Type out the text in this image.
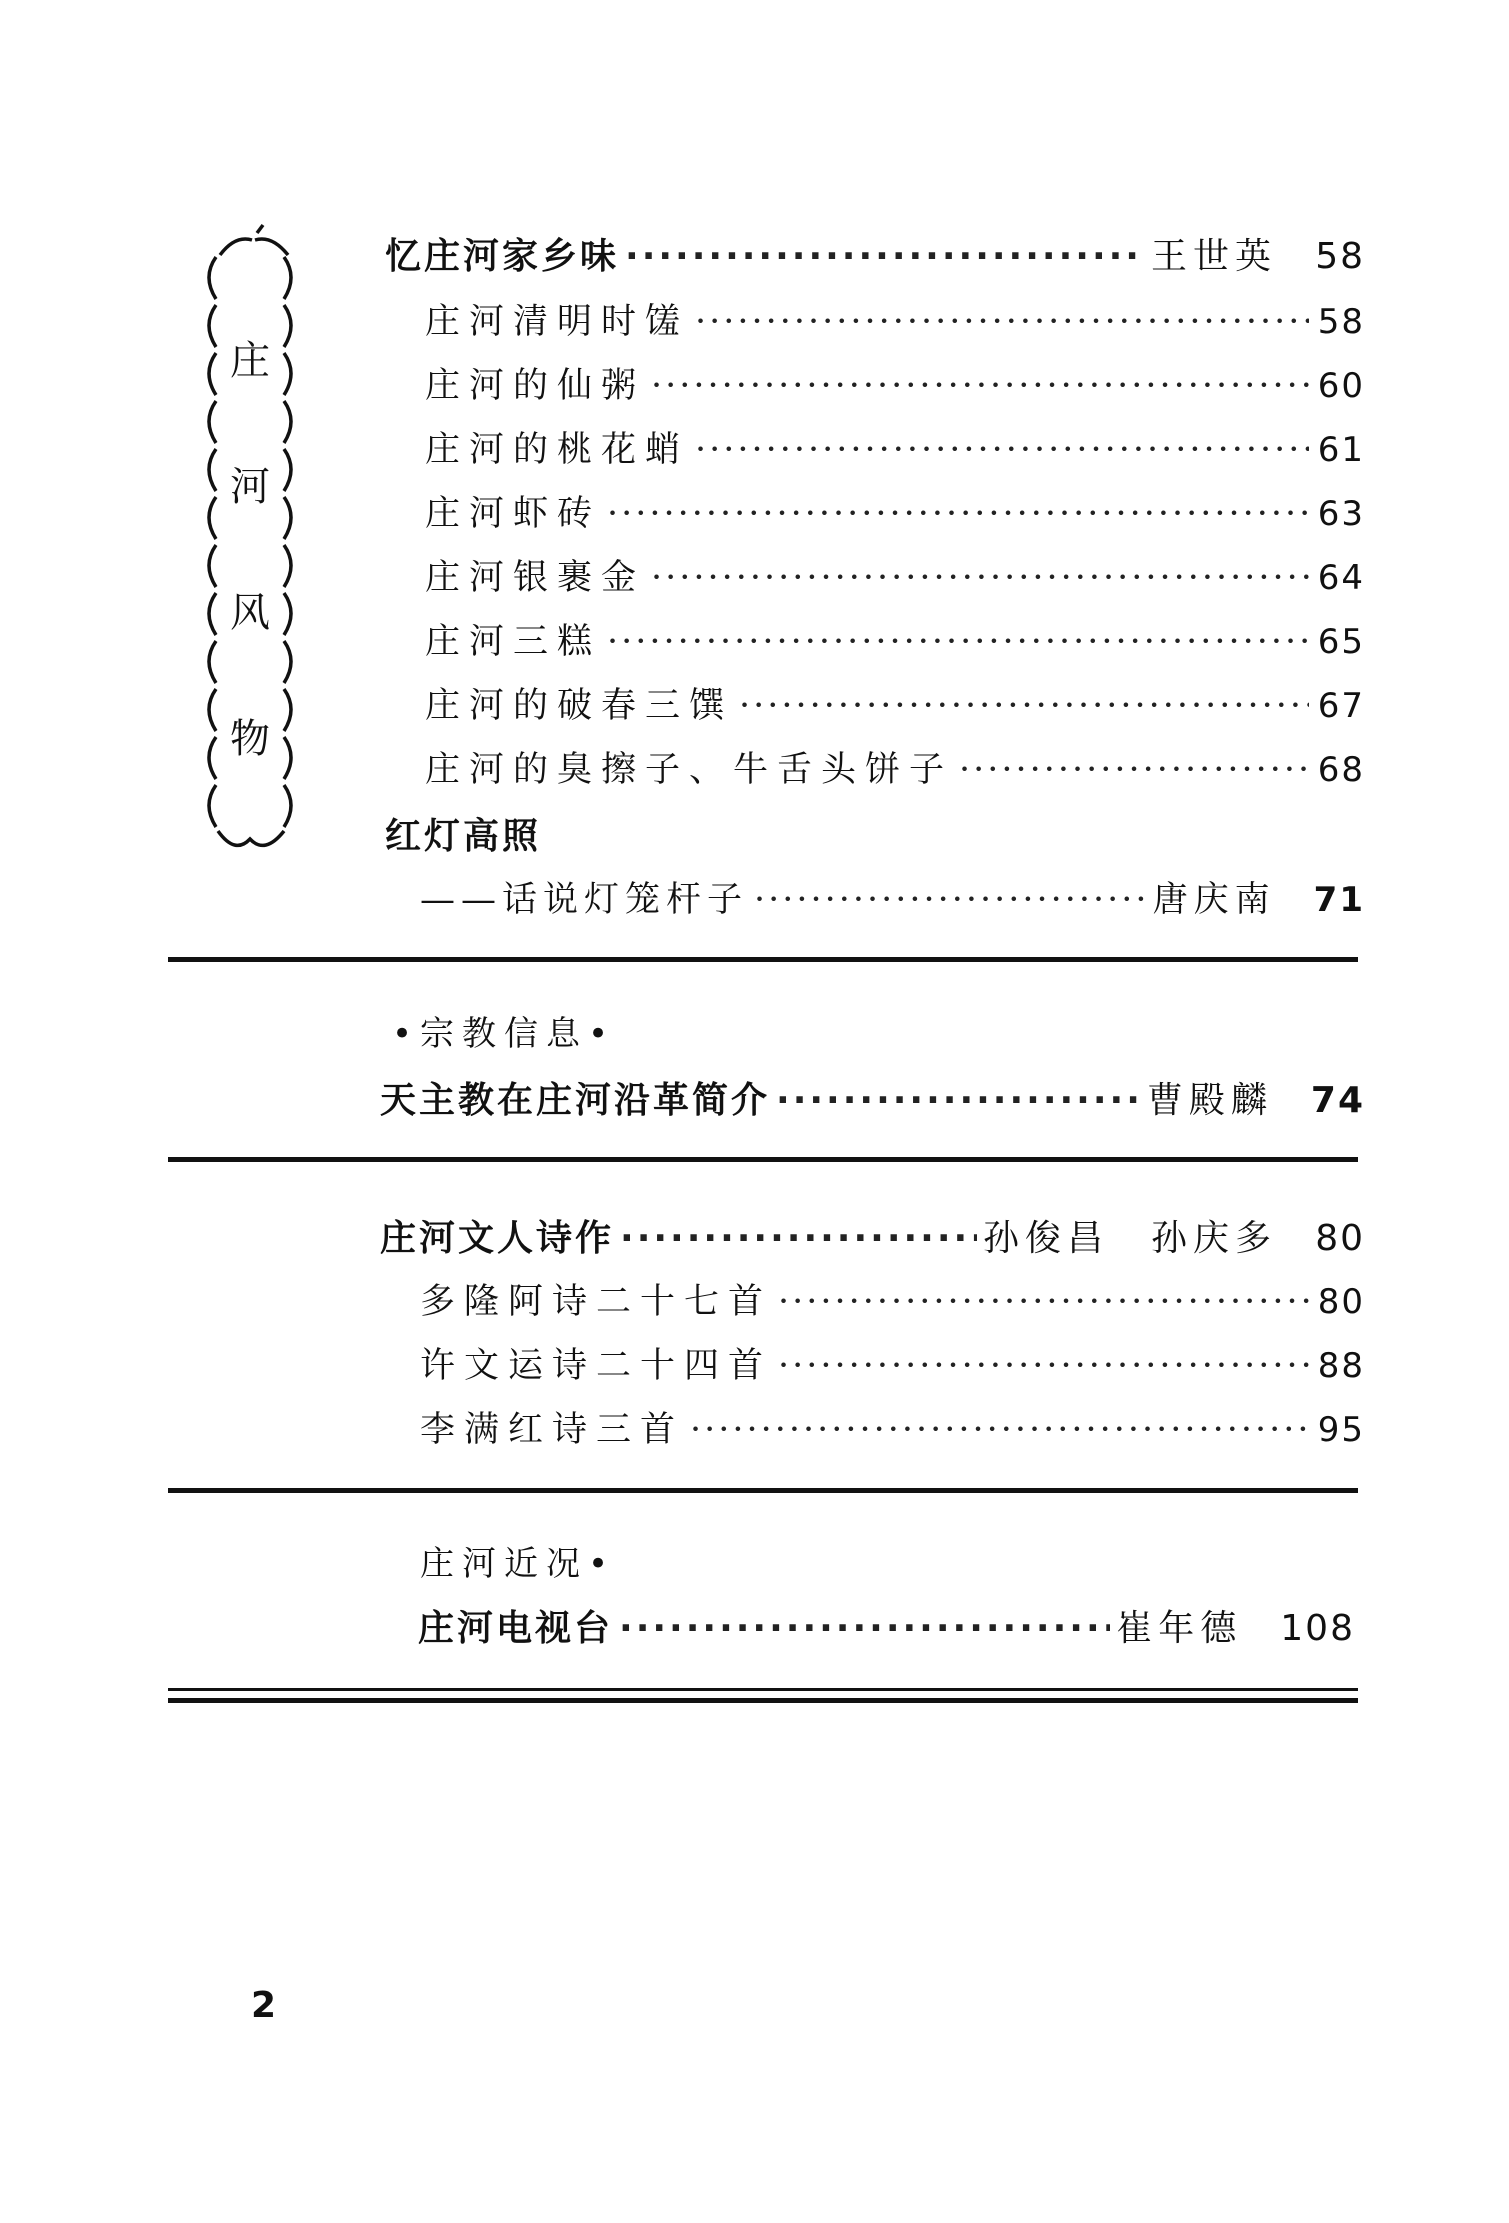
庄
河
风
物
忆庄河家乡味 ·····	王世英 58
庄河清明时馐 ·····	58
庄河的仙粥 ·····	60
庄河的桃花蛸 ·····	61
庄河虾砖 ·····	63
庄河银裹金 ·····	64
庄河三糕 ·····	65
庄河的破春三馔 ·····	67
庄河的臭擦子、牛舌头饼子 ·····	68
红灯高照
——话说灯笼杆子 ·····	唐庆南 71
•宗教信息•
天主教在庄河沿革简介 ·····	曹殿麟 74
庄河文人诗作 ·····	孙俊昌　孙庆多 80
多隆阿诗二十七首 ·····	80
许文运诗二十四首 ·····	88
李满红诗三首 ·····	95
庄河近况•
庄河电视台 ·····	崔年德 108
2
